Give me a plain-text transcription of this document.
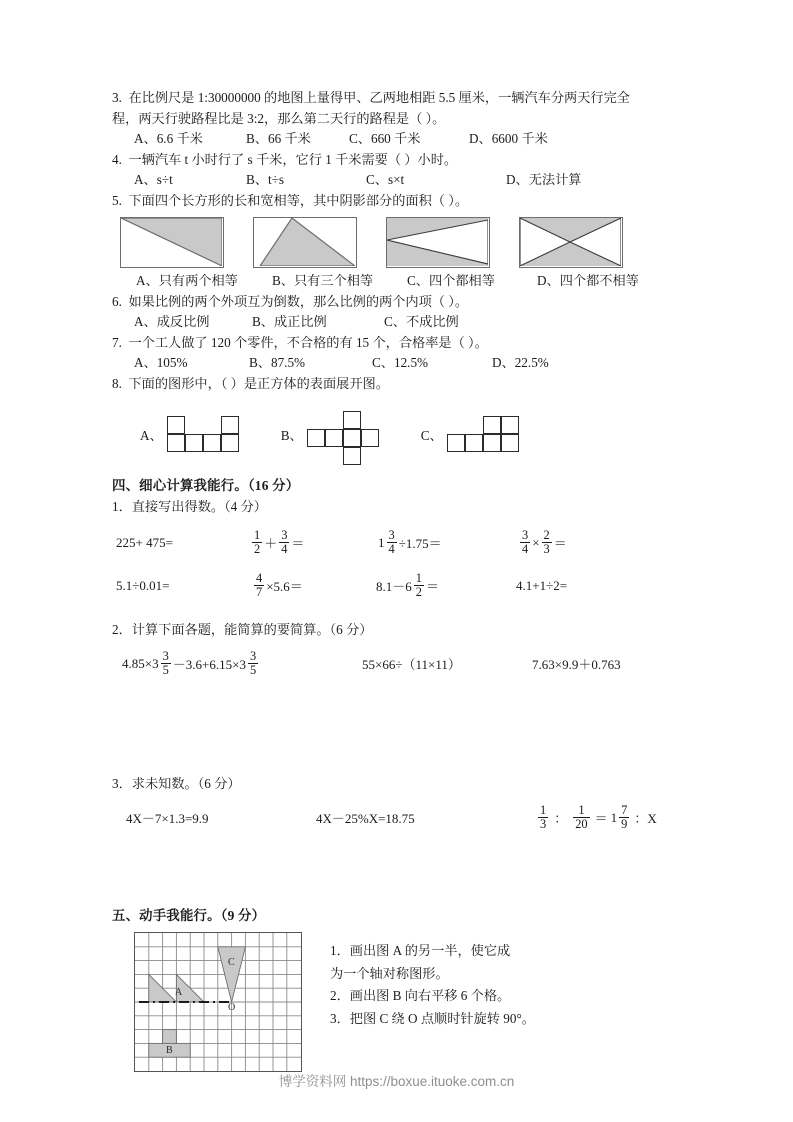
3. 在比例尺是 1:30000000 的地图上量得甲、乙两地相距 5.5 厘米，一辆汽车分两天行完全
程，两天行驶路程比是 3:2，那么第二天行的路程是（ ）。
A、6.6 千米	B、66 千米	C、660 千米	D、6600 千米
4. 一辆汽车 t 小时行了 s 千米，它行 1 千米需要（ ）小时。
A、s÷t	B、t÷s	C、s×t	D、无法计算
5. 下面四个长方形的长和宽相等，其中阴影部分的面积（ ）。
A、只有两个相等	B、只有三个相等	C、四个都相等	D、四个都不相等
6. 如果比例的两个外项互为倒数，那么比例的两个内项（ ）。
A、成反比例	B、成正比例	C、不成比例
7. 一个工人做了 120 个零件，不合格的有 15 个，合格率是（ ）。
A、105%	B、87.5%	C、12.5%	D、22.5%
8. 下面的图形中，（ ）是正方体的表面展开图。
A、	B、	C、
四、细心计算我能行。（16 分）
1．直接写出得数。（4 分）
225+ 475=	$\frac{1}{2} + \frac{3}{4}$ ＝	$1 \frac{3}{4} \div 1.75=$	$\frac{3}{4} \times \frac{2}{3}$ ＝
5.1÷0.01=	$\frac{4}{7} \times 5.6=$	$8.1-6 \frac{1}{2}$ ＝	4.1+1÷2=
2．计算下面各题，能简算的要简算。（6 分）
$4.85\times 3 \frac{3}{5} -3.6+6.15\times 3 \frac{3}{5}$	55×66÷（11×11）	7.63×9.9＋0.763
3．求未知数。（6 分）
4X－7×1.3=9.9	4X－25%X=18.75	$\frac{1}{3}$ ： $\frac{1}{20} = 1 \frac{7}{9}$ ：X
五、动手我能行。（9 分）
A
B
C
O
1．画出图 A 的另一半，使它成
为一个轴对称图形。
2．画出图 B 向右平移 6 个格。
3．把图 C 绕 O 点顺时针旋转 90°。
博学资料网 https://boxue.ituoke.com.cn
